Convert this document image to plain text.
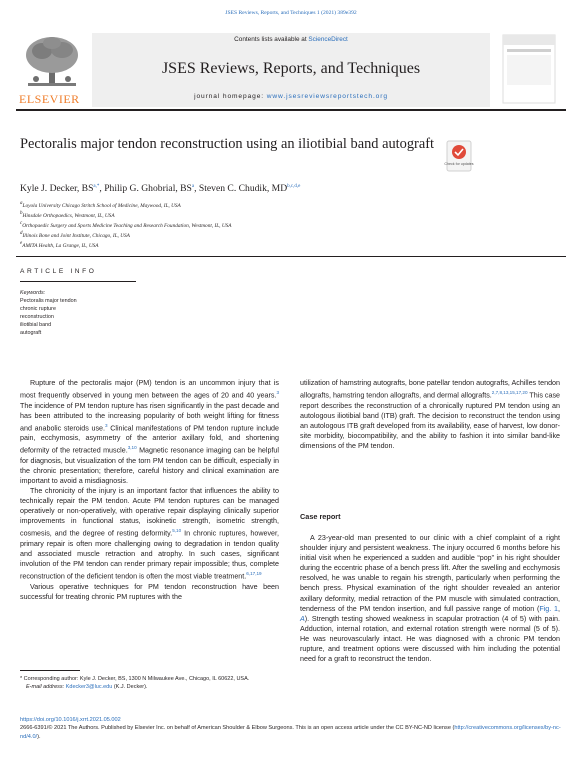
JSES Reviews, Reports, and Techniques 1 (2021) 389e392
ELSEVIER
Contents lists available at ScienceDirect
JSES Reviews, Reports, and Techniques
journal homepage: www.jsesreviewsreportstech.org
Pectoralis major tendon reconstruction using an iliotibial band autograft
Check for updates
Kyle J. Decker, $BS^{a,*}$, Philip G. Ghobrial, $BS^a$, Steven C. Chudik, MD$^{b,c,d,e}$
$^a$Loyola University Chicago Stritch School of Medicine, Maywood, IL, USA
$^b$Hinsdale Orthopaedics, Westmont, IL, USA
$^c$Orthopaedic Surgery and Sports Medicine Teaching and Research Foundation, Westmont, IL, USA
$^d$Illinois Bone and Joint Institute, Chicago, IL, USA
$^e$AMITA Health, La Grange, IL, USA
ARTICLE INFO
Keywords:
Pectoralis major tendon
chronic rupture
reconstruction
iliotibial band
autograft

Rupture of the pectoralis major (PM) tendon is an uncommon injury that is most frequently observed in young men between the ages of 20 and 40 years.$^3$ The incidence of PM tendon rupture has risen significantly in the past decade and has been attributed to the increasing popularity of both weight lifting for fitness and anabolic steroids use.$^3$ Clinical manifestations of PM tendon rupture include pain, ecchymosis, asymmetry of the anterior axillary fold, and shortening deformity of the retracted muscle.$^{3,10}$ Magnetic resonance imaging can be helpful for diagnosis, but visualization of the torn PM tendon can be difficult, especially in the chronic presentation; therefore, careful history and clinical examination are important to avoid a misdiagnosis.

The chronicity of the injury is an important factor that influences the ability to technically repair the PM tendon. Acute PM tendon ruptures can be managed operatively or non-operatively, with operative repair displaying clinically superior improvements in functional status, isokinetic strength, isometric strength, cosmesis, and the degree of resting deformity.$^{5,10}$ In chronic ruptures, however, primary repair is often more challenging owing to degradation in tendon quality and associated muscle retraction and atrophy. In such cases, significant involution of the PM tendon can render primary repair impossible; thus, complete reconstruction of the deficient tendon is often the most viable treatment.$^{6,17,19}$

Various operative techniques for PM tendon reconstruction have been successful for treating chronic PM ruptures with the

utilization of hamstring autografts, bone patellar tendon autografts, Achilles tendon allografts, hamstring tendon allografts, and dermal allografts.$^{2,7,8,13,15,17,20}$ This case report describes the reconstruction of a chronically ruptured PM tendon using an autologous iliotibial band (ITB) graft. The decision to reconstruct the tendon using an autologous ITB graft developed from its availability, ease of harvest, low donor-site morbidity, biocompatibility, and the ability to fashion it into similar band-like dimensions of the PM tendon.

Case report

A 23-year-old man presented to our clinic with a chief complaint of a right shoulder injury and persistent weakness. The injury occurred 6 months before his initial visit when he experienced a sudden and audible “pop” in his right shoulder during the eccentric phase of a bench press lift. After the swelling and ecchymosis resolved, he was unable to regain his strength, particularly when performing the bench press. Physical examination of the right shoulder revealed an anterior axillary deformity, medial retraction of the PM muscle with simulated contraction, tenderness of the PM tendon insertion, and full passive range of motion (Fig. 1, A). Strength testing showed weakness in scapular protraction (4 of 5) with pain. Adduction, internal rotation, and external rotation strength were normal (5 of 5). He was neurovascularly intact. He was diagnosed with a chronic PM tendon rupture, and treatment options were discussed with him including the potential need for a graft to reconstruct the tendon.

* Corresponding author: Kyle J. Decker, BS, 1300 N Milwaukee Ave., Chicago, IL 60622, USA.
E-mail address: Kdecker3@luc.edu (K.J. Decker).
https://doi.org/10.1016/j.xrrt.2021.05.002
2666-6391/© 2021 The Authors. Published by Elsevier Inc. on behalf of American Shoulder & Elbow Surgeons. This is an open access article under the CC BY-NC-ND license (http://creativecommons.org/licenses/by-nc-nd/4.0/).
